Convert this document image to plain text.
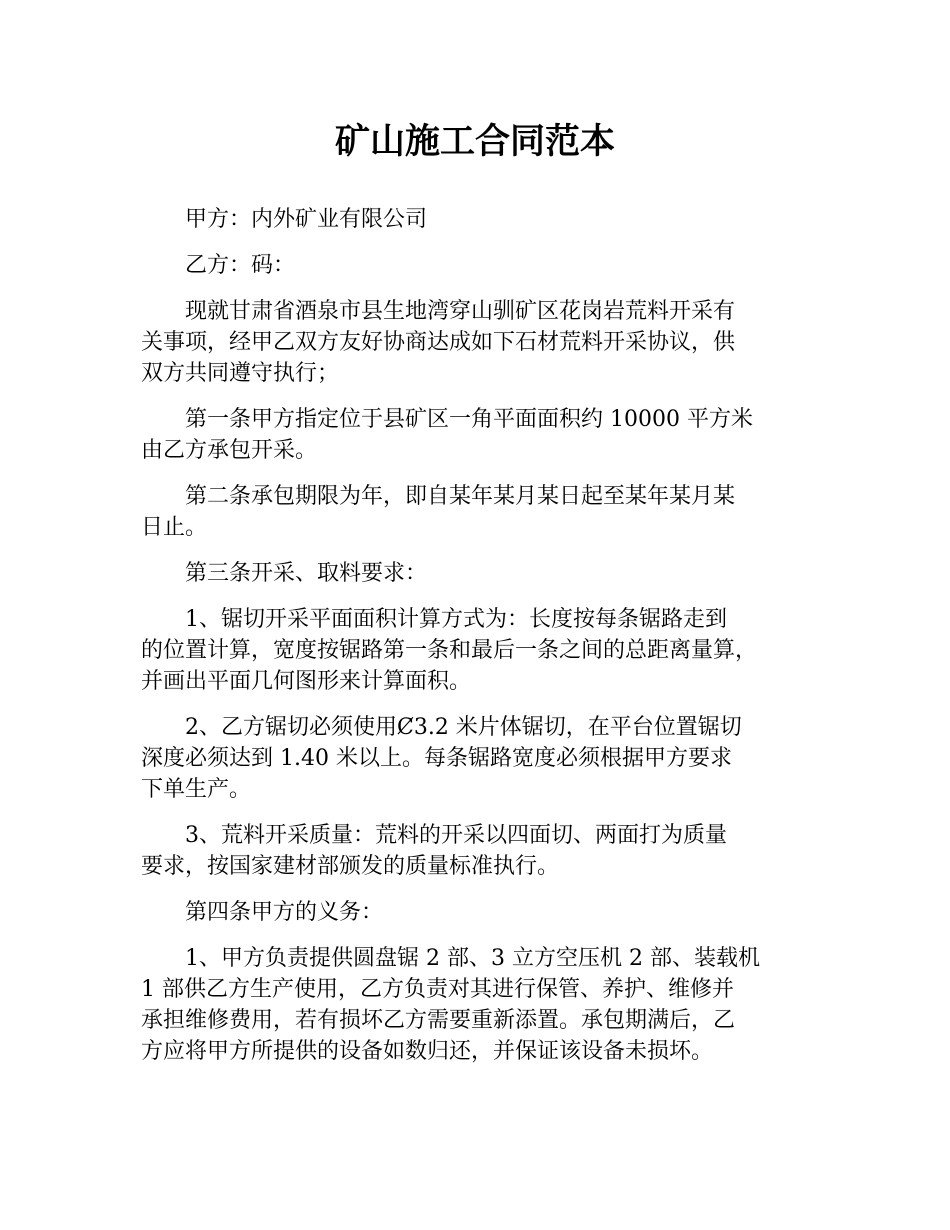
矿山施工合同范本

甲方：内外矿业有限公司

乙方：码：

现就甘肃省酒泉市县生地湾穿山驯矿区花岗岩荒料开采有
关事项，经甲乙双方友好协商达成如下石材荒料开采协议，供
双方共同遵守执行；

第一条甲方指定位于县矿区一角平面面积约 10000 平方米
由乙方承包开采。

第二条承包期限为年，即自某年某月某日起至某年某月某
日止。

第三条开采、取料要求：

1、锯切开采平面面积计算方式为：长度按每条锯路走到
的位置计算，宽度按锯路第一条和最后一条之间的总距离量算，
并画出平面几何图形来计算面积。

2、乙方锯切必须使用Ȼ3.2 米片体锯切，在平台位置锯切
深度必须达到 1.40 米以上。每条锯路宽度必须根据甲方要求
下单生产。

3、荒料开采质量：荒料的开采以四面切、两面打为质量
要求，按国家建材部颁发的质量标准执行。

第四条甲方的义务：

1、甲方负责提供圆盘锯 2 部、3 立方空压机 2 部、装载机
1 部供乙方生产使用，乙方负责对其进行保管、养护、维修并
承担维修费用，若有损坏乙方需要重新添置。承包期满后，乙
方应将甲方所提供的设备如数归还，并保证该设备未损坏。
